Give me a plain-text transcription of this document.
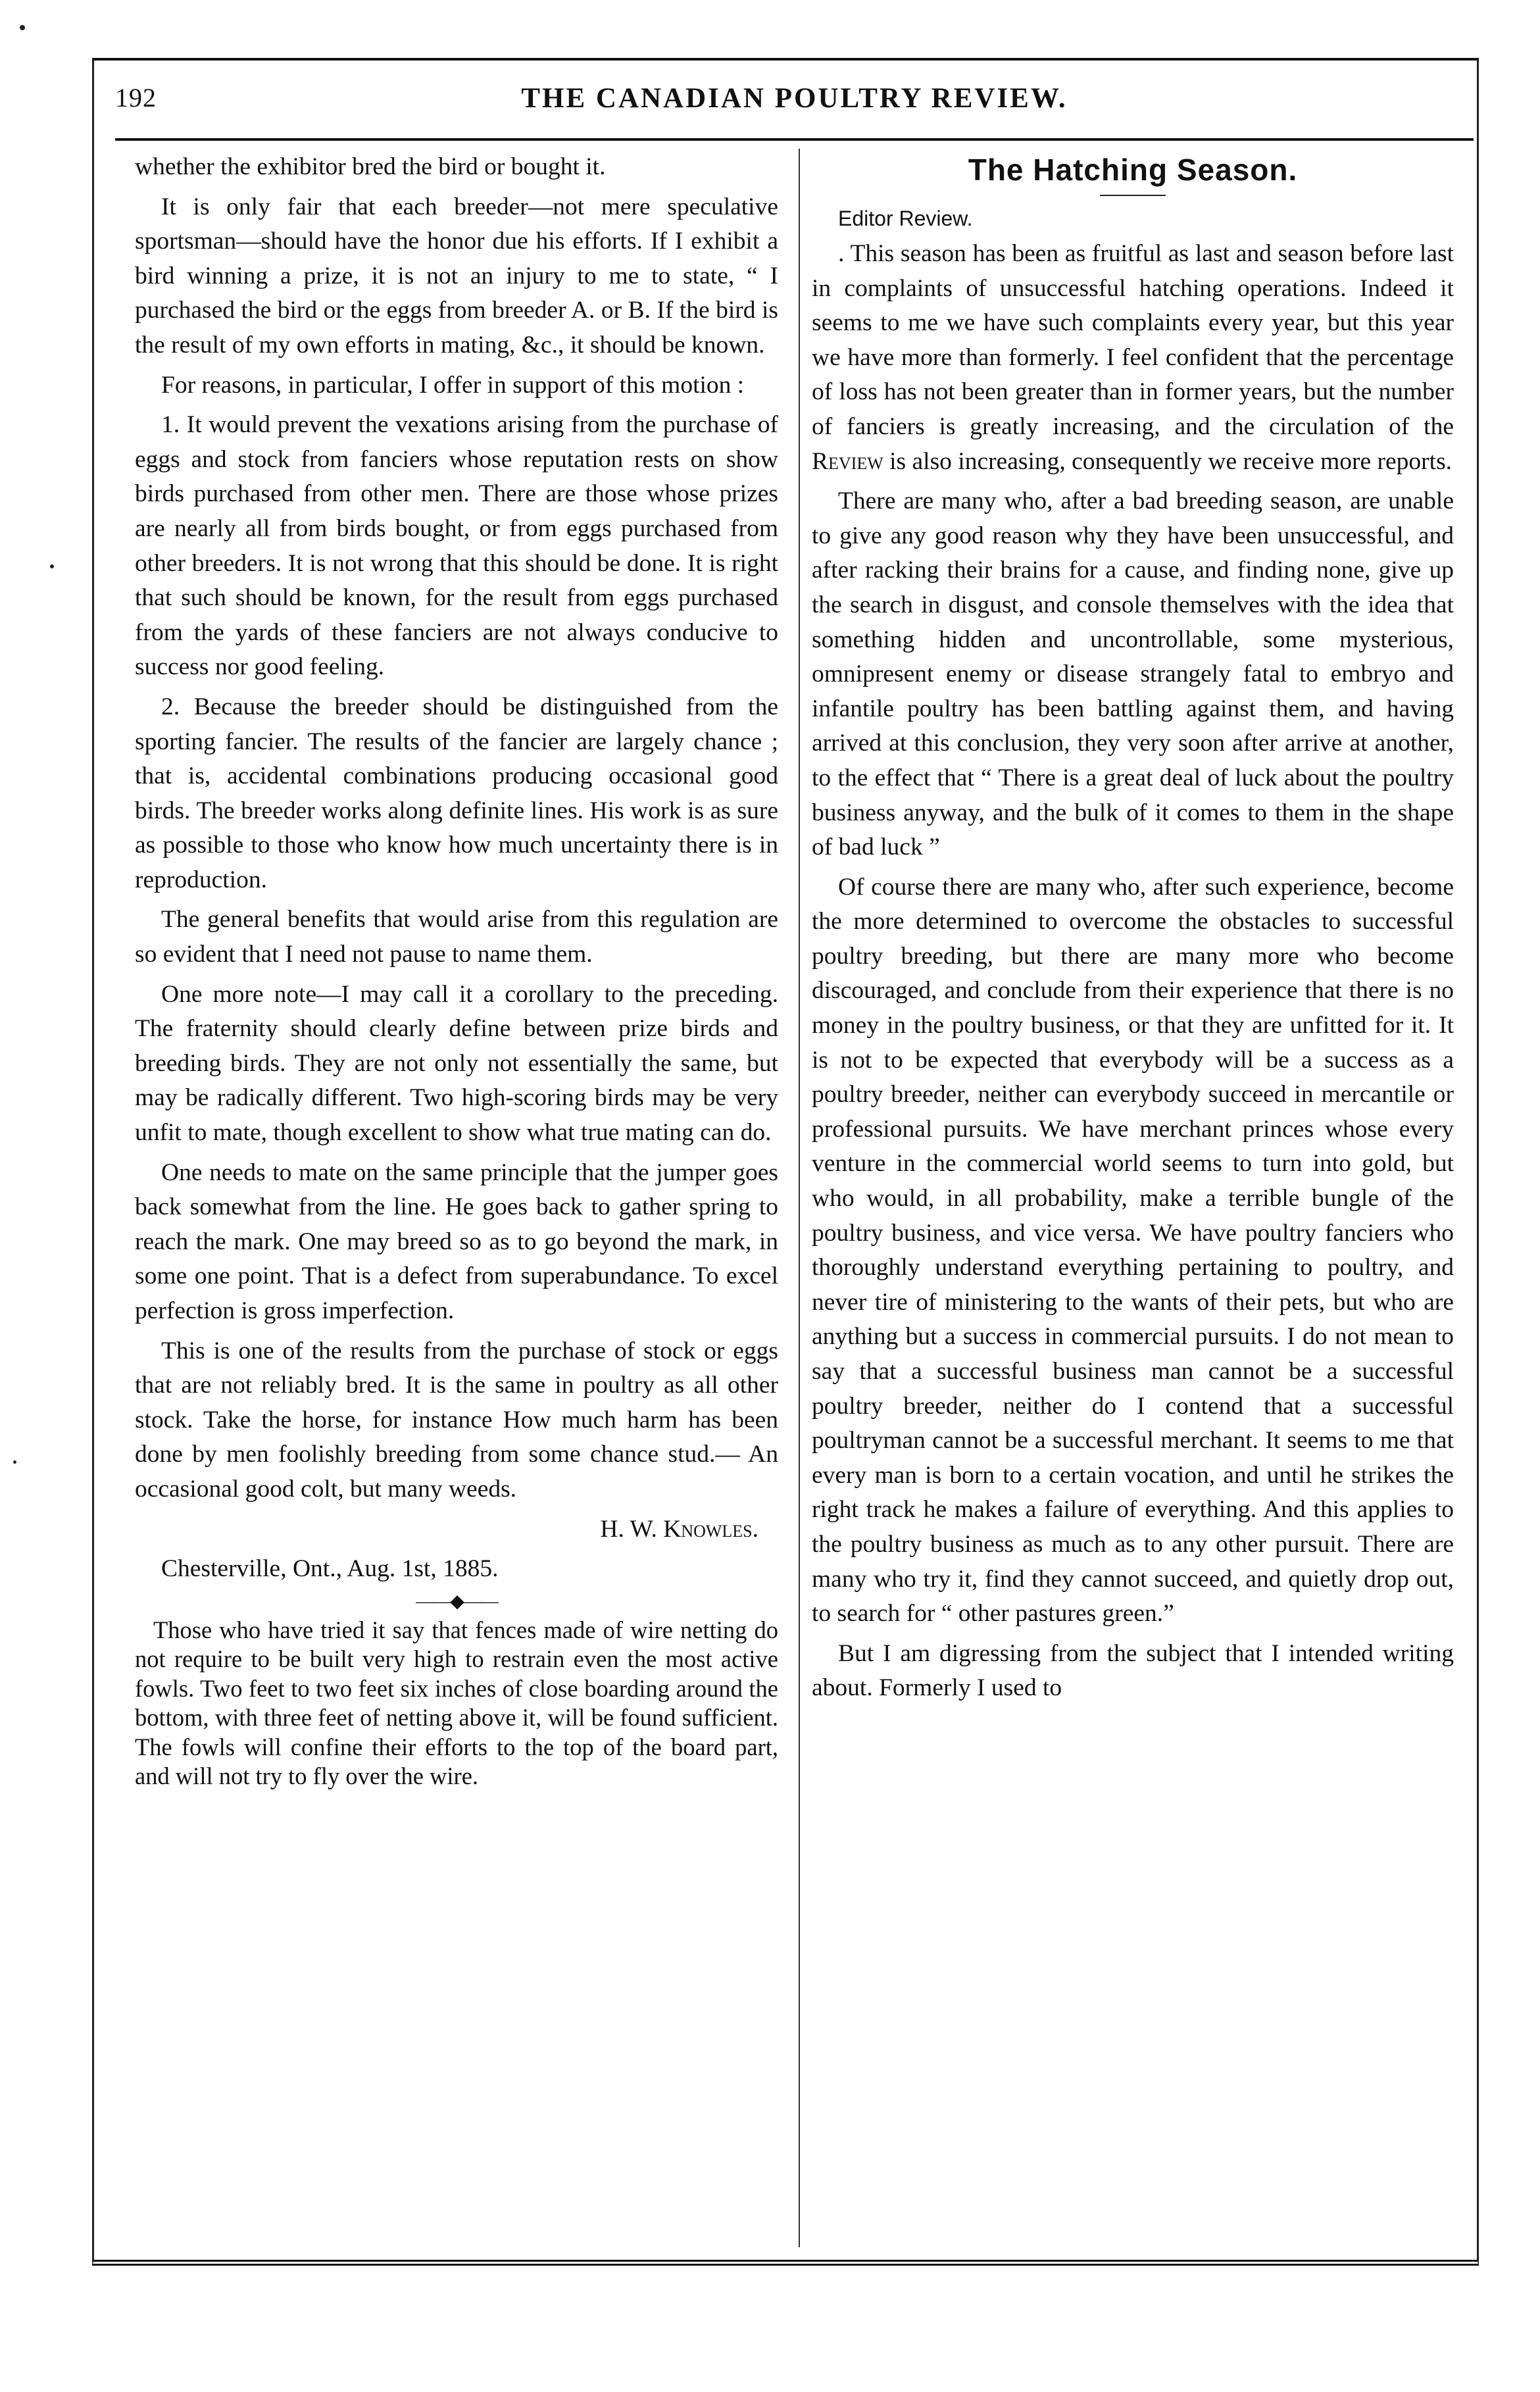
192	THE CANADIAN POULTRY REVIEW.

whether the exhibitor bred the bird or bought it.

It is only fair that each breeder—not mere speculative sportsman—should have the honor due his efforts. If I exhibit a bird winning a prize, it is not an injury to me to state, “ I purchased the bird or the eggs from breeder A. or B. If the bird is the result of my own efforts in mating, &c., it should be known.

For reasons, in particular, I offer in support of this motion :

1. It would prevent the vexations arising from the purchase of eggs and stock from fanciers whose reputation rests on show birds purchased from other men. There are those whose prizes are nearly all from birds bought, or from eggs purchased from other breeders. It is not wrong that this should be done. It is right that such should be known, for the result from eggs purchased from the yards of these fanciers are not always conducive to success nor good feeling.

2. Because the breeder should be distinguished from the sporting fancier. The results of the fancier are largely chance ; that is, accidental combinations producing occasional good birds. The breeder works along definite lines. His work is as sure as possible to those who know how much uncertainty there is in reproduction.

The general benefits that would arise from this regulation are so evident that I need not pause to name them.

One more note—I may call it a corollary to the preceding. The fraternity should clearly define between prize birds and breeding birds. They are not only not essentially the same, but may be radically different. Two high-scoring birds may be very unfit to mate, though excellent to show what true mating can do.

One needs to mate on the same principle that the jumper goes back somewhat from the line. He goes back to gather spring to reach the mark. One may breed so as to go beyond the mark, in some one point. That is a defect from superabundance. To excel perfection is gross imperfection.

This is one of the results from the purchase of stock or eggs that are not reliably bred. It is the same in poultry as all other stock. Take the horse, for instance How much harm has been done by men foolishly breeding from some chance stud.— An occasional good colt, but many weeds.

H. W. Knowles.

Chesterville, Ont., Aug. 1st, 1885.

——◆——

Those who have tried it say that fences made of wire netting do not require to be built very high to restrain even the most active fowls. Two feet to two feet six inches of close boarding around the bottom, with three feet of netting above it, will be found sufficient. The fowls will confine their efforts to the top of the board part, and will not try to fly over the wire.

The Hatching Season.

Editor Review.

. This season has been as fruitful as last and season before last in complaints of unsuccessful hatching operations. Indeed it seems to me we have such complaints every year, but this year we have more than formerly. I feel confident that the percentage of loss has not been greater than in former years, but the number of fanciers is greatly increasing, and the circulation of the Review is also increasing, consequently we receive more reports.

There are many who, after a bad breeding season, are unable to give any good reason why they have been unsuccessful, and after racking their brains for a cause, and finding none, give up the search in disgust, and console themselves with the idea that something hidden and uncontrollable, some mysterious, omnipresent enemy or disease strangely fatal to embryo and infantile poultry has been battling against them, and having arrived at this conclusion, they very soon after arrive at another, to the effect that “ There is a great deal of luck about the poultry business anyway, and the bulk of it comes to them in the shape of bad luck ”

Of course there are many who, after such experience, become the more determined to overcome the obstacles to successful poultry breeding, but there are many more who become discouraged, and conclude from their experience that there is no money in the poultry business, or that they are unfitted for it. It is not to be expected that everybody will be a success as a poultry breeder, neither can everybody succeed in mercantile or professional pursuits. We have merchant princes whose every venture in the commercial world seems to turn into gold, but who would, in all probability, make a terrible bungle of the poultry business, and vice versa. We have poultry fanciers who thoroughly understand everything pertaining to poultry, and never tire of ministering to the wants of their pets, but who are anything but a success in commercial pursuits. I do not mean to say that a successful business man cannot be a successful poultry breeder, neither do I contend that a successful poultryman cannot be a successful merchant. It seems to me that every man is born to a certain vocation, and until he strikes the right track he makes a failure of everything. And this applies to the poultry business as much as to any other pursuit. There are many who try it, find they cannot succeed, and quietly drop out, to search for “ other pastures green.”

But I am digressing from the subject that I intended writing about. Formerly I used to
